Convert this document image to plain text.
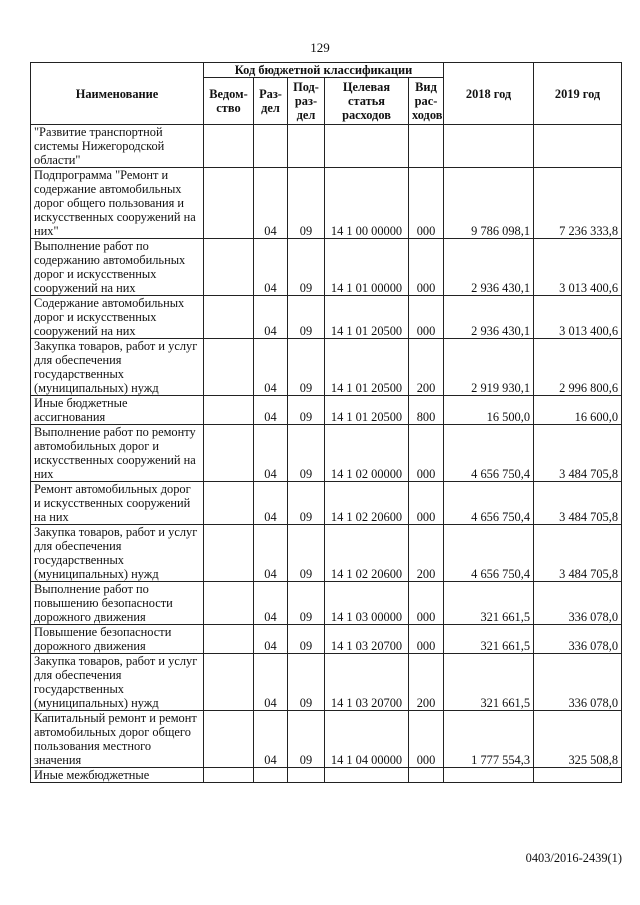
129
Наименование	Код бюджетной классификации					2018 год	2019 год
	Ведом-ство	Раз-дел	Под-раз-дел	Целевая статья расходов	Вид рас-ходов		
"Развитие транспортной системы Нижегородской области"							
Подпрограмма "Ремонт и содержание автомобильных дорог общего пользования и искусственных сооружений на них"		04	09	14 1 00 00000	000	9 786 098,1	7 236 333,8
Выполнение работ по содержанию автомобильных дорог и искусственных сооружений на них		04	09	14 1 01 00000	000	2 936 430,1	3 013 400,6
Содержание автомобильных дорог и искусственных сооружений на них		04	09	14 1 01 20500	000	2 936 430,1	3 013 400,6
Закупка товаров, работ и услуг для обеспечения государственных (муниципальных) нужд		04	09	14 1 01 20500	200	2 919 930,1	2 996 800,6
Иные бюджетные ассигнования		04	09	14 1 01 20500	800	16 500,0	16 600,0
Выполнение работ по ремонту автомобильных дорог и искусственных сооружений на них		04	09	14 1 02 00000	000	4 656 750,4	3 484 705,8
Ремонт автомобильных дорог и искусственных сооружений на них		04	09	14 1 02 20600	000	4 656 750,4	3 484 705,8
Закупка товаров, работ и услуг для обеспечения государственных (муниципальных) нужд		04	09	14 1 02 20600	200	4 656 750,4	3 484 705,8
Выполнение работ по повышению безопасности дорожного движения		04	09	14 1 03 00000	000	321 661,5	336 078,0
Повышение безопасности дорожного движения		04	09	14 1 03 20700	000	321 661,5	336 078,0
Закупка товаров, работ и услуг для обеспечения государственных (муниципальных) нужд		04	09	14 1 03 20700	200	321 661,5	336 078,0
Капитальный ремонт и ремонт автомобильных дорог общего пользования местного значения		04	09	14 1 04 00000	000	1 777 554,3	325 508,8
Иные межбюджетные							
0403/2016-2439(1)
